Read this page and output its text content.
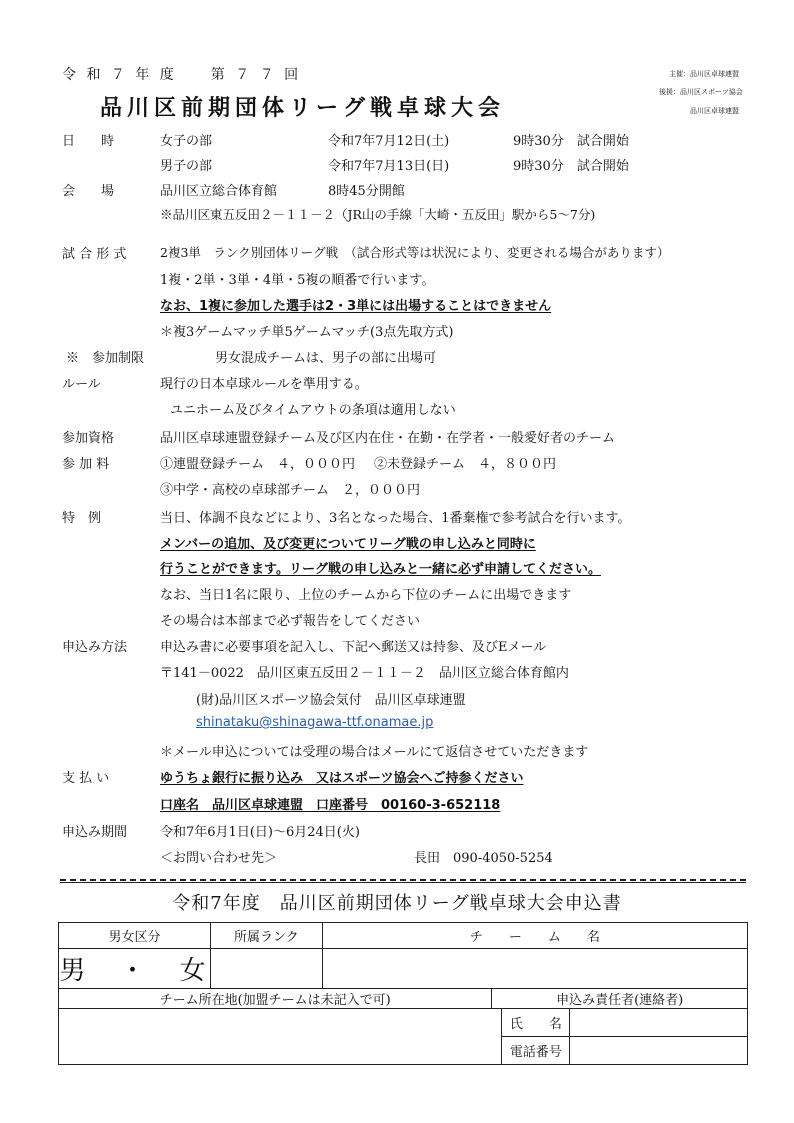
令 和 ７ 年 度　　第 ７ ７ 回
品川区前期団体リーグ戦卓球大会
主催：品川区卓球連盟
後援：品川区スポーツ協会
品川区卓球連盟
日　　時	女子の部	令和7年7月12日(土)	9時30分　試合開始
男子の部	令和7年7月13日(日)	9時30分　試合開始
会　　場	品川区立総合体育館	8時45分開館
※品川区東五反田２－１１－２（JR山の手線「大崎・五反田」駅から5～7分)
試 合 形 式	2複3単　ランク別団体リーグ戦　（試合形式等は状況により、変更される場合があります）
1複・2単・3単・4単・5複の順番で行います。
なお、1複に参加した選手は2・3単には出場することはできません
＊複3ゲームマッチ単5ゲームマッチ(3点先取方式)
※　参加制限	男女混成チームは、男子の部に出場可
ルール	現行の日本卓球ルールを準用する。
ユニホーム及びタイムアウトの条項は適用しない
参加資格	品川区卓球連盟登録チーム及び区内在住・在勤・在学者・一般愛好者のチーム
参 加 料	①連盟登録チーム　４，０００円 ②未登録チーム　４，８００円
③中学・高校の卓球部チーム　２，０００円
特　例	当日、体調不良などにより、3名となった場合、1番棄権で参考試合を行います。
メンバーの追加、及び変更についてリーグ戦の申し込みと同時に
行うことができます。リーグ戦の申し込みと一緒に必ず申請してください。
なお、当日1名に限り、上位のチームから下位のチームに出場できます
その場合は本部まで必ず報告をしてください
申込み方法	申込み書に必要事項を記入し、下記へ郵送又は持参、及びEメール
〒141－0022　品川区東五反田２－１１－２　品川区立総合体育館内
(財)品川区スポーツ協会気付　品川区卓球連盟
shinataku@shinagawa-ttf.onamae.jp
＊メール申込については受理の場合はメールにて返信させていただきます
支 払 い	ゆうちょ銀行に振り込み　又はスポーツ協会へご持参ください
口座名　品川区卓球連盟　口座番号　00160-3-652118
申込み期間	令和7年6月1日(日)～6月24日(火)
＜お問い合わせ先＞	長田　090-4050-5254
令和7年度　品川区前期団体リーグ戦卓球大会申込書
男女区分	所属ランク	チ　　ー　　ム　　名			
男　・　女					
チーム所在地(加盟チームは未記入で可)			申込み責任者(連絡者)		
				氏　　名	
				電話番号	
